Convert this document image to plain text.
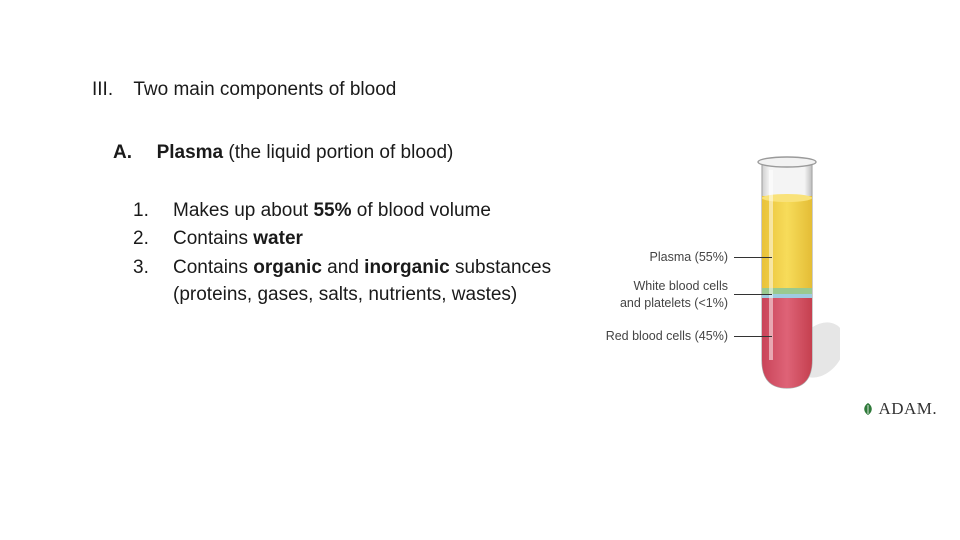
III. Two main components of blood
A. Plasma (the liquid portion of blood)
1. Makes up about 55% of blood volume
2. Contains water
3. Contains organic and inorganic substances
(proteins, gases, salts, nutrients, wastes)
Plasma (55%)
White blood cells
and platelets (<1%)
Red blood cells (45%)
ADAM.
